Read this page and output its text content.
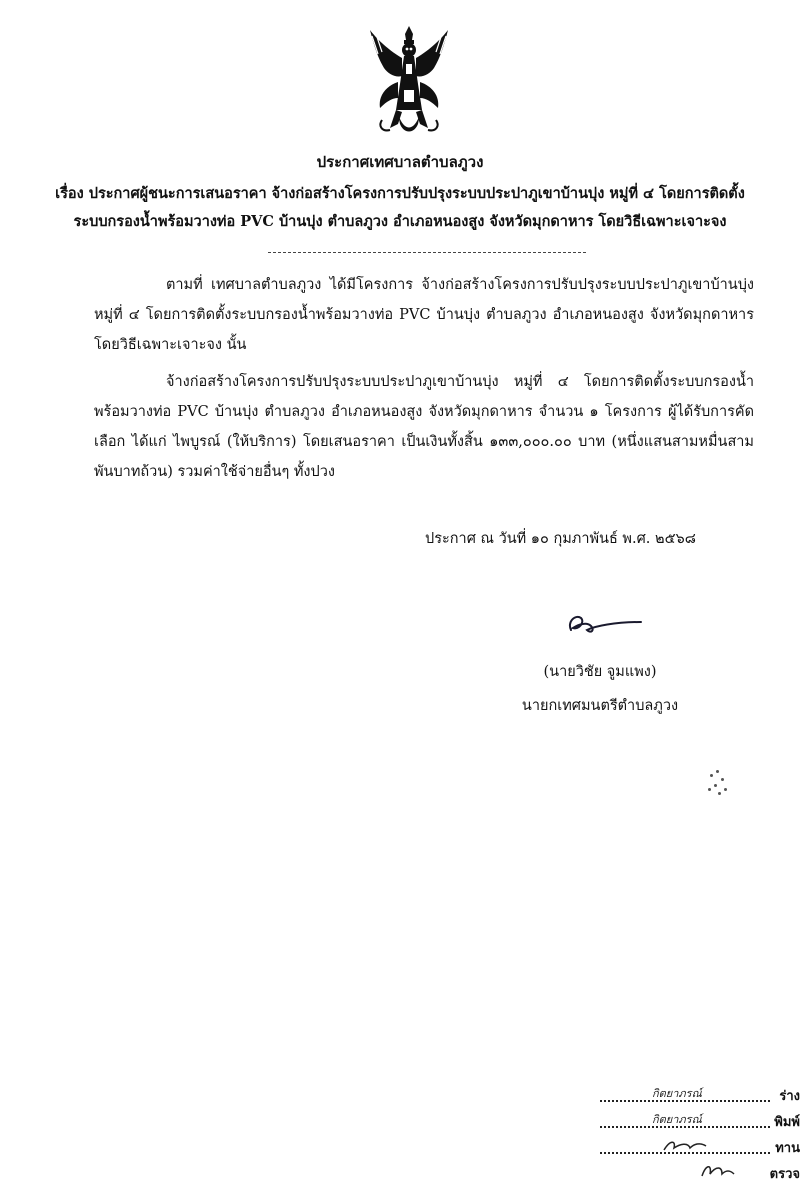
ประกาศเทศบาลตำบลภูวง
เรื่อง ประกาศผู้ชนะการเสนอราคา จ้างก่อสร้างโครงการปรับปรุงระบบประปาภูเขาบ้านบุ่ง หมู่ที่ ๔ โดยการติดตั้ง
ระบบกรองน้ำพร้อมวางท่อ PVC บ้านบุ่ง ตำบลภูวง อำเภอหนองสูง จังหวัดมุกดาหาร โดยวิธีเฉพาะเจาะจง
ตามที่ เทศบาลตำบลภูวง ได้มีโครงการ จ้างก่อสร้างโครงการปรับปรุงระบบประปาภูเขาบ้านบุ่ง หมู่ที่ ๔ โดยการติดตั้งระบบกรองน้ำพร้อมวางท่อ PVC บ้านบุ่ง ตำบลภูวง อำเภอหนองสูง จังหวัดมุกดาหาร โดยวิธีเฉพาะเจาะจง นั้น
จ้างก่อสร้างโครงการปรับปรุงระบบประปาภูเขาบ้านบุ่ง หมู่ที่ ๔ โดยการติดตั้งระบบกรองน้ำพร้อมวางท่อ PVC บ้านบุ่ง ตำบลภูวง อำเภอหนองสูง จังหวัดมุกดาหาร จำนวน ๑ โครงการ ผู้ได้รับการคัดเลือก ได้แก่ ไพบูรณ์ (ให้บริการ) โดยเสนอราคา เป็นเงินทั้งสิ้น ๑๓๓,๐๐๐.๐๐ บาท (หนึ่งแสนสามหมื่นสามพันบาทถ้วน) รวมค่าใช้จ่ายอื่นๆ ทั้งปวง
ประกาศ ณ วันที่ ๑๐ กุมภาพันธ์ พ.ศ. ๒๕๖๘
(นายวิชัย จูมแพง)
นายกเทศมนตรีตำบลภูวง
กิตยาภรณ์	ร่าง
กิตยาภรณ์	พิมพ์
ทาน
ตรวจ
